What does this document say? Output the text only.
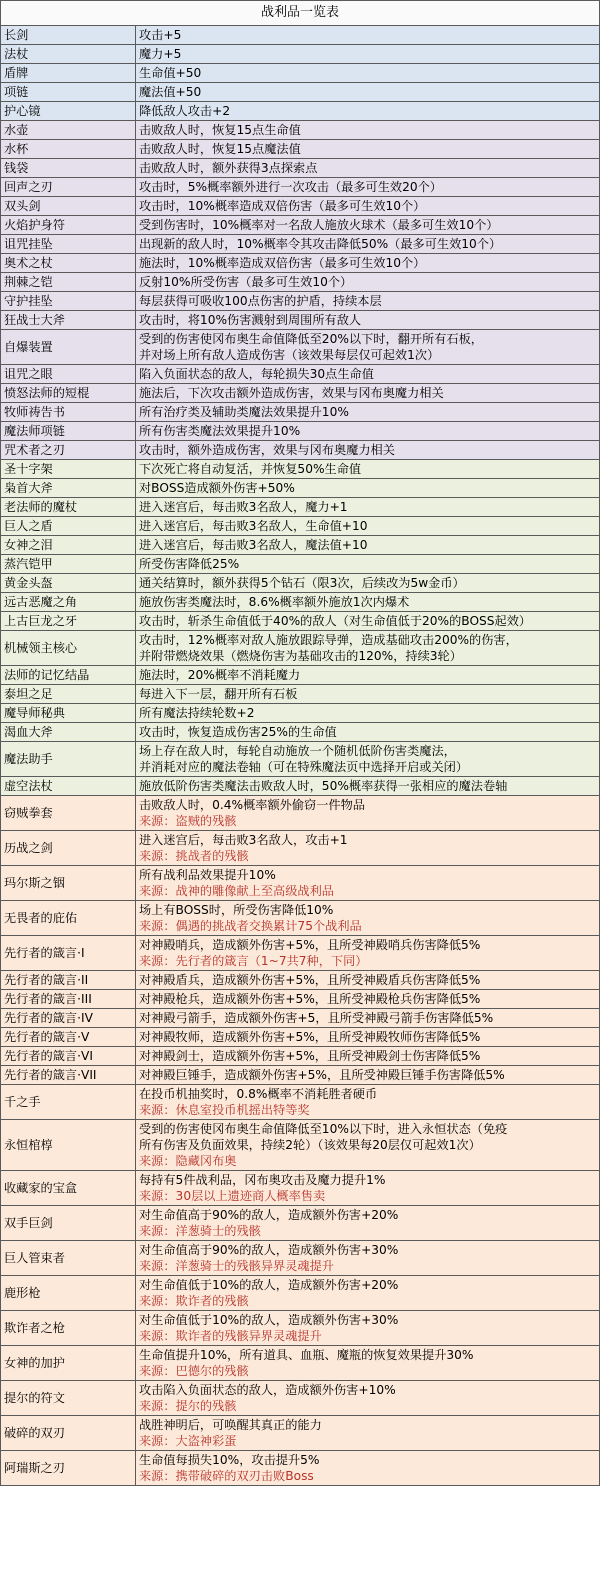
战利品一览表	
长剑	攻击+5

法杖	魔力+5

盾牌	生命值+50

项链	魔法值+50

护心镜	降低敌人攻击+2

水壶	击败敌人时，恢复15点生命值

水杯	击败敌人时，恢复15点魔法值

钱袋	击败敌人时，额外获得3点探索点

回声之刃	攻击时，5%概率额外进行一次攻击（最多可生效20个）

双头剑	攻击时，10%概率造成双倍伤害（最多可生效10个）

火焰护身符	受到伤害时，10%概率对一名敌人施放火球术（最多可生效10个）

诅咒挂坠	出现新的敌人时，10%概率令其攻击降低50%（最多可生效10个）

奥术之杖	施法时，10%概率造成双倍伤害（最多可生效10个）

荆棘之铠	反射10%所受伤害（最多可生效10个）

守护挂坠	每层获得可吸收100点伤害的护盾，持续本层

狂战士大斧	攻击时，将10%伤害溅射到周围所有敌人

自爆装置	受到的伤害使冈布奥生命值降低至20%以下时，翻开所有石板，
并对场上所有敌人造成伤害（该效果每层仅可起效1次）

诅咒之眼	陷入负面状态的敌人，每轮损失30点生命值

愤怒法师的短棍	施法后，下次攻击额外造成伤害，效果与冈布奥魔力相关

牧师祷告书	所有治疗类及辅助类魔法效果提升10%

魔法师项链	所有伤害类魔法效果提升10%

咒术者之刃	攻击时，额外造成伤害，效果与冈布奥魔力相关

圣十字架	下次死亡将自动复活，并恢复50%生命值

枭首大斧	对BOSS造成额外伤害+50%

老法师的魔杖	进入迷宫后，每击败3名敌人，魔力+1

巨人之盾	进入迷宫后，每击败3名敌人，生命值+10

女神之泪	进入迷宫后，每击败3名敌人，魔法值+10

蒸汽铠甲	所受伤害降低25%

黄金头盔	通关结算时，额外获得5个钻石（限3次，后续改为5w金币）

远古恶魔之角	施放伤害类魔法时，8.6%概率额外施放1次内爆术

上古巨龙之牙	攻击时，斩杀生命值低于40%的敌人（对生命值低于20%的BOSS起效）

机械领主核心	攻击时，12%概率对敌人施放跟踪导弹，造成基础攻击200%的伤害，
并附带燃烧效果（燃烧伤害为基础攻击的120%，持续3轮）

法师的记忆结晶	施法时，20%概率不消耗魔力

泰坦之足	每进入下一层，翻开所有石板

魔导师秘典	所有魔法持续轮数+2

渴血大斧	攻击时，恢复造成伤害25%的生命值

魔法助手	场上存在敌人时，每轮自动施放一个随机低阶伤害类魔法，
并消耗对应的魔法卷轴（可在特殊魔法页中选择开启或关闭）

虚空法杖	施放低阶伤害类魔法击败敌人时，50%概率获得一张相应的魔法卷轴

窃贼拳套	击败敌人时，0.4%概率额外偷窃一件物品
来源：盗贼的残骸

历战之剑	进入迷宫后，每击败3名敌人，攻击+1
来源：挑战者的残骸

玛尔斯之铟	所有战利品效果提升10%
来源：战神的雕像献上至高级战利品

无畏者的庇佑	场上有BOSS时，所受伤害降低10%
来源：偶遇的挑战者交换累计75个战利品

先行者的箴言·I	对神殿哨兵，造成额外伤害+5%，且所受神殿哨兵伤害降低5%
来源：先行者的箴言（1~7共7种，下同）

先行者的箴言·II	对神殿盾兵，造成额外伤害+5%，且所受神殿盾兵伤害降低5%

先行者的箴言·III	对神殿枪兵，造成额外伤害+5%，且所受神殿枪兵伤害降低5%

先行者的箴言·IV	对神殿弓箭手，造成额外伤害+5，且所受神殿弓箭手伤害降低5%

先行者的箴言·V	对神殿牧师，造成额外伤害+5%，且所受神殿牧师伤害降低5%

先行者的箴言·VI	对神殿剑士，造成额外伤害+5%，且所受神殿剑士伤害降低5%

先行者的箴言·VII	对神殿巨锤手，造成额外伤害+5%，且所受神殿巨锤手伤害降低5%

千之手	在投币机抽奖时，0.8%概率不消耗胜者硬币
来源：休息室投币机摇出特等奖

永恒棺椁	受到的伤害使冈布奥生命值降低至10%以下时，进入永恒状态（免疫
所有伤害及负面效果，持续2轮）（该效果每20层仅可起效1次）
来源：隐藏冈布奥

收藏家的宝盒	每持有5件战利品，冈布奥攻击及魔力提升1%
来源：30层以上遗迹商人概率售卖

双手巨剑	对生命值高于90%的敌人，造成额外伤害+20%
来源：洋葱骑士的残骸

巨人管束者	对生命值高于90%的敌人，造成额外伤害+30%
来源：洋葱骑士的残骸异界灵魂提升

鹿形枪	对生命值低于10%的敌人，造成额外伤害+20%
来源：欺诈者的残骸

欺诈者之枪	对生命值低于10%的敌人，造成额外伤害+30%
来源：欺诈者的残骸异界灵魂提升

女神的加护	生命值提升10%，所有道具、血瓶、魔瓶的恢复效果提升30%
来源：巴德尔的残骸

提尔的符文	攻击陷入负面状态的敌人，造成额外伤害+10%
来源：提尔的残骸

破碎的双刃	战胜神明后，可唤醒其真正的能力
来源：大盗神彩蛋

阿瑞斯之刃	生命值每损失10%，攻击提升5%
来源：携带破碎的双刃击败Boss
